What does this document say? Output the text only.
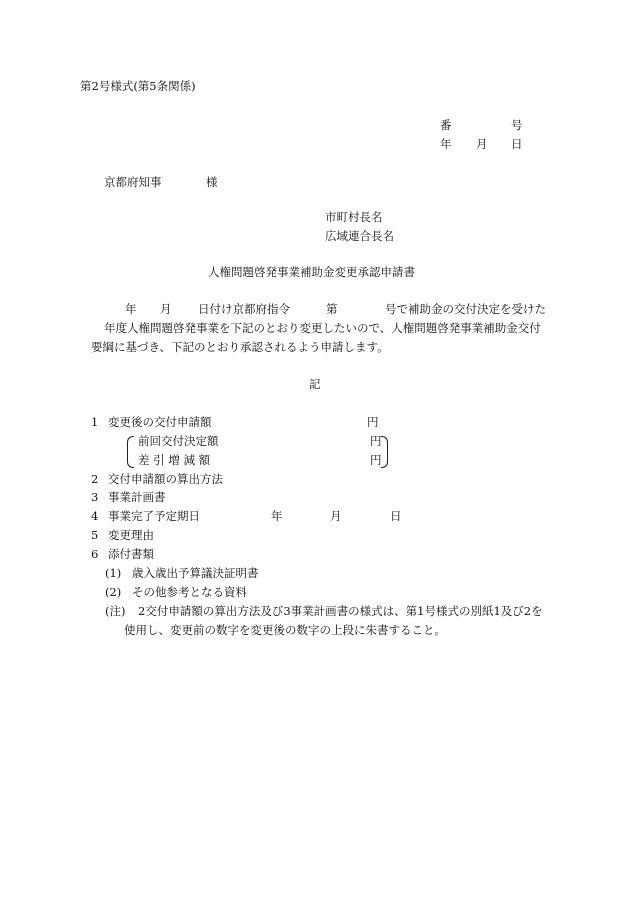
第2号様式(第5条関係)
番	号
年 月 日
京都府知事	様
市町村長名
広域連合長名
人権問題啓発事業補助金変更承認申請書
年 月 日付け京都府指令	第	号で補助金の交付決定を受けた
年度人権問題啓発事業を下記のとおり変更したいので、人権問題啓発事業補助金交付
要綱に基づき、下記のとおり承認されるよう申請します。
記
1 変更後の交付申請額	円
前回交付決定額	円
差 引 増 減 額	円
2 交付申請額の算出方法
3 事業計画書
4 事業完了予定期日	年	月	日
5 変更理由
6 添付書類
(1) 歳入歳出予算議決証明書
(2) その他参考となる資料
(注) 2交付申請額の算出方法及び3事業計画書の様式は、第1号様式の別紙1及び2を
使用し、変更前の数字を変更後の数字の上段に朱書すること。
